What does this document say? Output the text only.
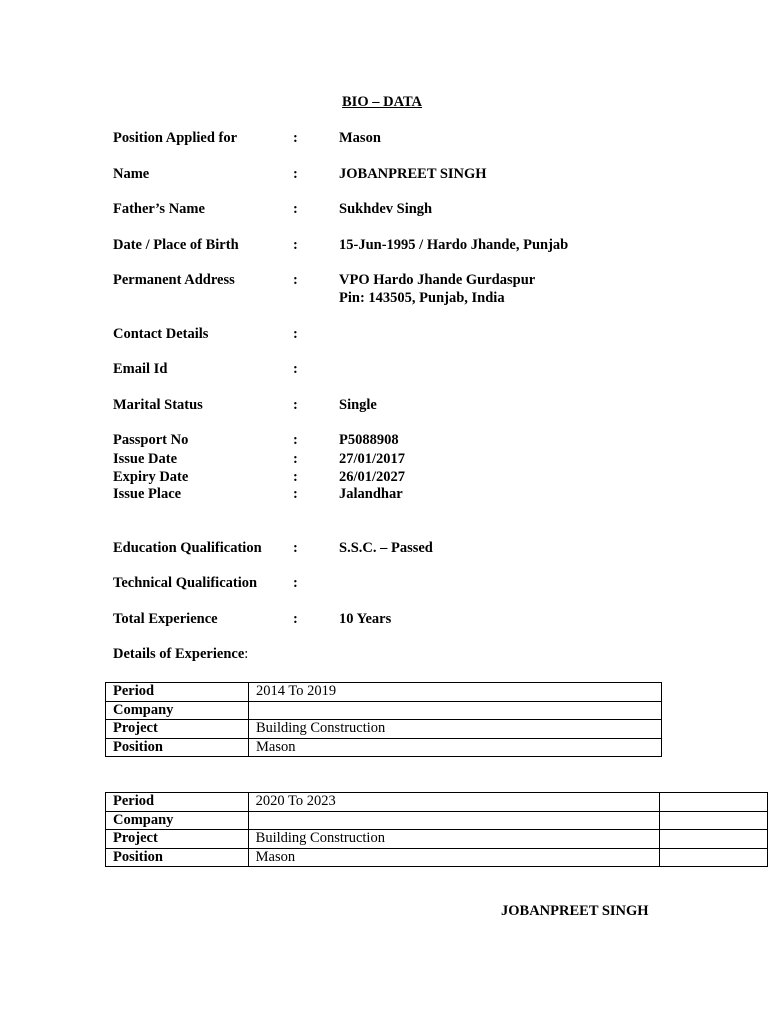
BIO – DATA
Position Applied for	:	Mason
Name	:	JOBANPREET SINGH
Father’s Name	:	Sukhdev Singh
Date / Place of Birth	:	15-Jun-1995 / Hardo Jhande, Punjab
Permanent Address	:	VPO Hardo Jhande Gurdaspur
Pin: 143505, Punjab, India
Contact Details	:
Email Id	:
Marital Status	:	Single
Passport No	:	P5088908
Issue Date	:	27/01/2017
Expiry Date	:	26/01/2027
Issue Place	:	Jalandhar
Education Qualification :	S.S.C. – Passed
Technical Qualification :
Total Experience	:	10 Years
Details of Experience:
Period	2014 To 2019
Company	
Project	Building Construction
Position	Mason
Period	2020 To 2023	
Company		
Project	Building Construction	
Position	Mason	
JOBANPREET SINGH
